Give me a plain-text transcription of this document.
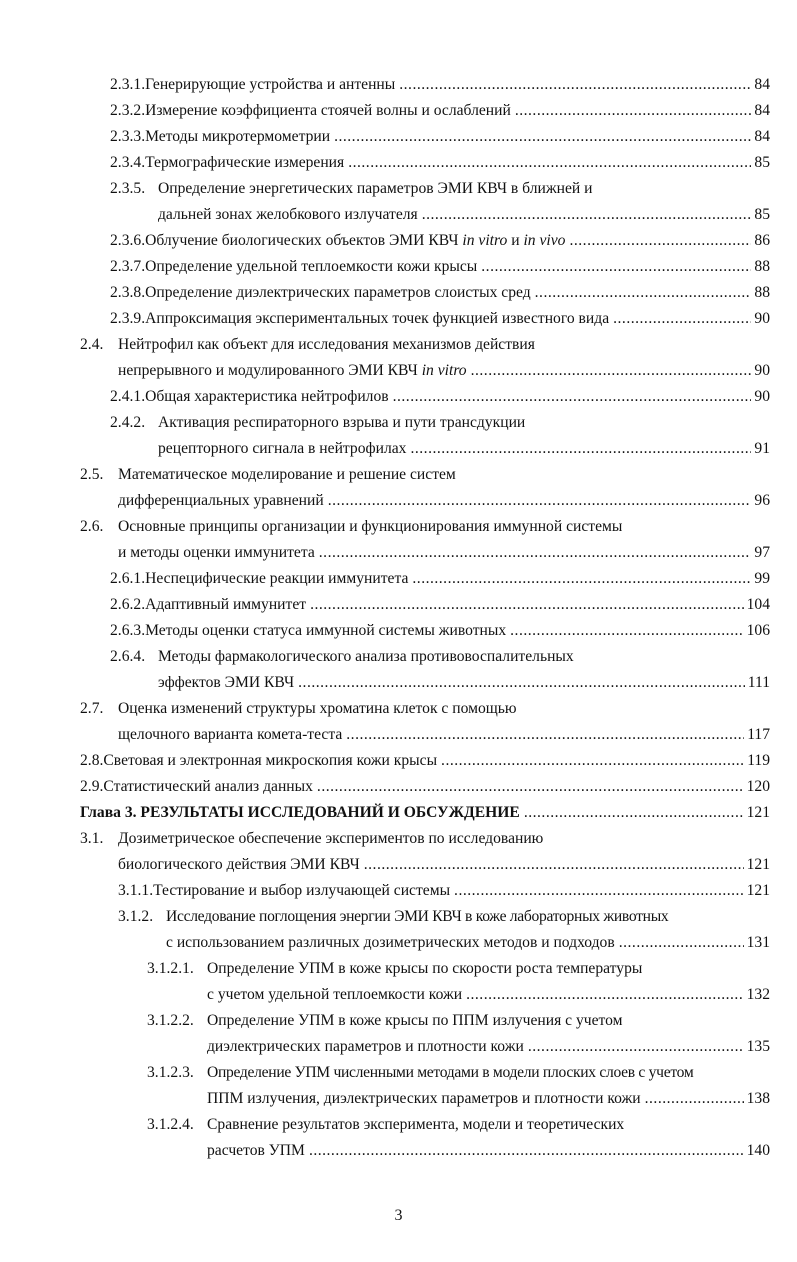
2.3.1. Генерирующие устройства и антенны .....	84
2.3.2. Измерение коэффициента стоячей волны и ослаблений .....	84
2.3.3. Методы микротермометрии .....	84
2.3.4. Термографические измерения .....	85
2.3.5. Определение энергетических параметров ЭМИ КВЧ в ближней и
дальней зонах желобкового излучателя .....	85
2.3.6. Облучение биологических объектов ЭМИ КВЧ
in vitro
и
in vivo .....	86
2.3.7. Определение удельной теплоемкости кожи крысы .....	88
2.3.8. Определение диэлектрических параметров слоистых сред .....	88
2.3.9. Аппроксимация экспериментальных точек функцией известного вида .....	90
2.4. Нейтрофил как объект для исследования механизмов действия
непрерывного и модулированного ЭМИ КВЧ
in vitro .....	90
2.4.1. Общая характеристика нейтрофилов .....	90
2.4.2. Активация респираторного взрыва и пути трансдукции
рецепторного сигнала в нейтрофилах .....	91
2.5. Математическое моделирование и решение систем
дифференциальных уравнений .....	96
2.6. Основные принципы организации и функционирования иммунной системы
и методы оценки иммунитета .....	97
2.6.1. Неспецифические реакции иммунитета .....	99
2.6.2. Адаптивный иммунитет .....	104
2.6.3. Методы оценки статуса иммунной системы животных .....	106
2.6.4. Методы фармакологического анализа противовоспалительных
эффектов ЭМИ КВЧ .....	111
2.7. Оценка изменений структуры хроматина клеток с помощью
щелочного варианта комета-теста .....	117
2.8. Световая и электронная микроскопия кожи крысы .....	119
2.9. Статистический анализ данных .....	120
Глава 3. РЕЗУЛЬТАТЫ ИССЛЕДОВАНИЙ И ОБСУЖДЕНИЕ .....	121
3.1. Дозиметрическое обеспечение экспериментов по исследованию
биологического действия ЭМИ КВЧ .....	121
3.1.1. Тестирование и выбор излучающей системы .....	121
3.1.2. Исследование поглощения энергии ЭМИ КВЧ в коже лабораторных животных
с использованием различных дозиметрических методов и подходов .....	131
3.1.2.1. Определение УПМ в коже крысы по скорости роста температуры
с учетом удельной теплоемкости кожи .....	132
3.1.2.2. Определение УПМ в коже крысы по ППМ излучения с учетом
диэлектрических параметров и плотности кожи .....	135
3.1.2.3. Определение УПМ численными методами в модели плоских слоев с учетом
ППМ излучения, диэлектрических параметров и плотности кожи .....	138
3.1.2.4. Сравнение результатов эксперимента, модели и теоретических
расчетов УПМ .....	140
3
